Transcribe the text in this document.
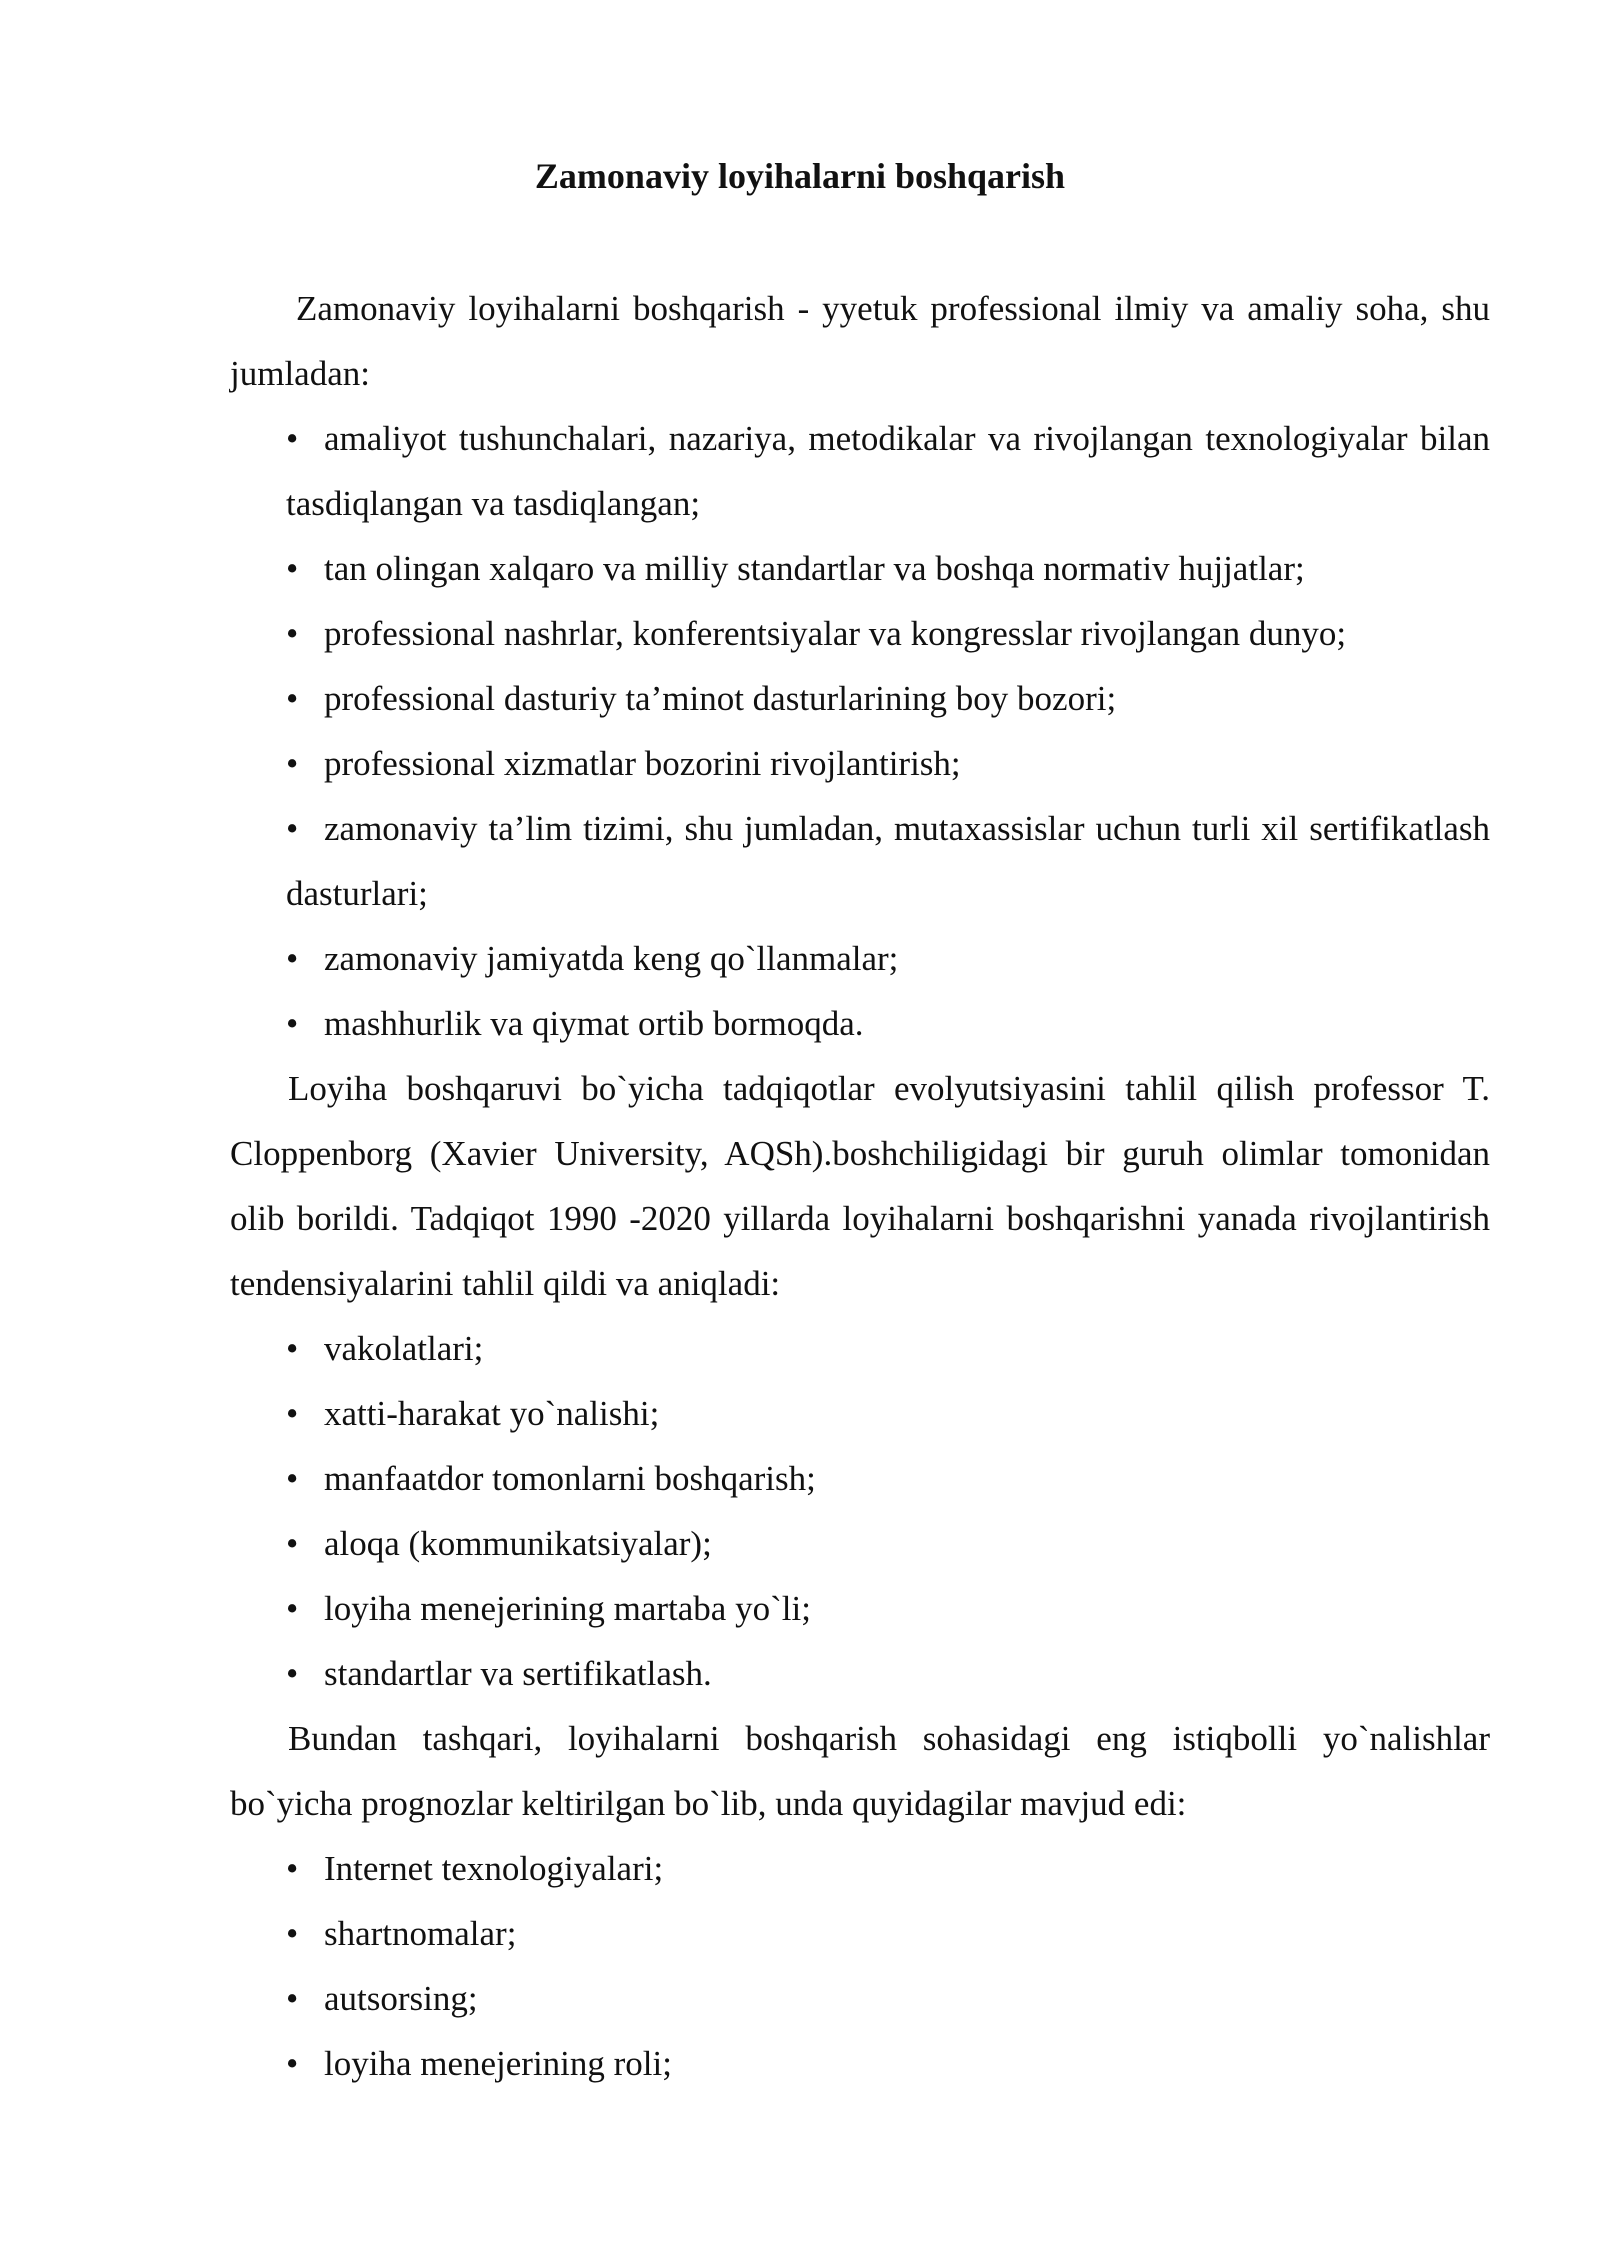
Zamonaviy loyihalarni boshqarish

Zamonaviy loyihalarni boshqarish - yyetuk professional ilmiy va amaliy soha, shu jumladan:

• amaliyot tushunchalari, nazariya, metodikalar va rivojlangan texnologiyalar bilan tasdiqlangan va tasdiqlangan;

• tan olingan xalqaro va milliy standartlar va boshqa normativ hujjatlar;

• professional nashrlar, konferentsiyalar va kongresslar rivojlangan dunyo;

• professional dasturiy ta’minot dasturlarining boy bozori;

• professional xizmatlar bozorini rivojlantirish;

• zamonaviy ta’lim tizimi, shu jumladan, mutaxassislar uchun turli xil sertifikatlash dasturlari;

• zamonaviy jamiyatda keng qo`llanmalar;

• mashhurlik va qiymat ortib bormoqda.

Loyiha boshqaruvi bo`yicha tadqiqotlar evolyutsiyasini tahlil qilish professor T. Cloppenborg (Xavier University, AQSh).boshchiligidagi bir guruh olimlar tomonidan olib borildi. Tadqiqot 1990 -2020 yillarda loyihalarni boshqarishni yanada rivojlantirish tendensiyalarini tahlil qildi va aniqladi:

• vakolatlari;

• xatti-harakat yo`nalishi;

• manfaatdor tomonlarni boshqarish;

• aloqa (kommunikatsiyalar);

• loyiha menejerining martaba yo`li;

• standartlar va sertifikatlash.

Bundan tashqari, loyihalarni boshqarish sohasidagi eng istiqbolli yo`nalishlar bo`yicha prognozlar keltirilgan bo`lib, unda quyidagilar mavjud edi:

• Internet texnologiyalari;

• shartnomalar;

• autsorsing;

• loyiha menejerining roli;
